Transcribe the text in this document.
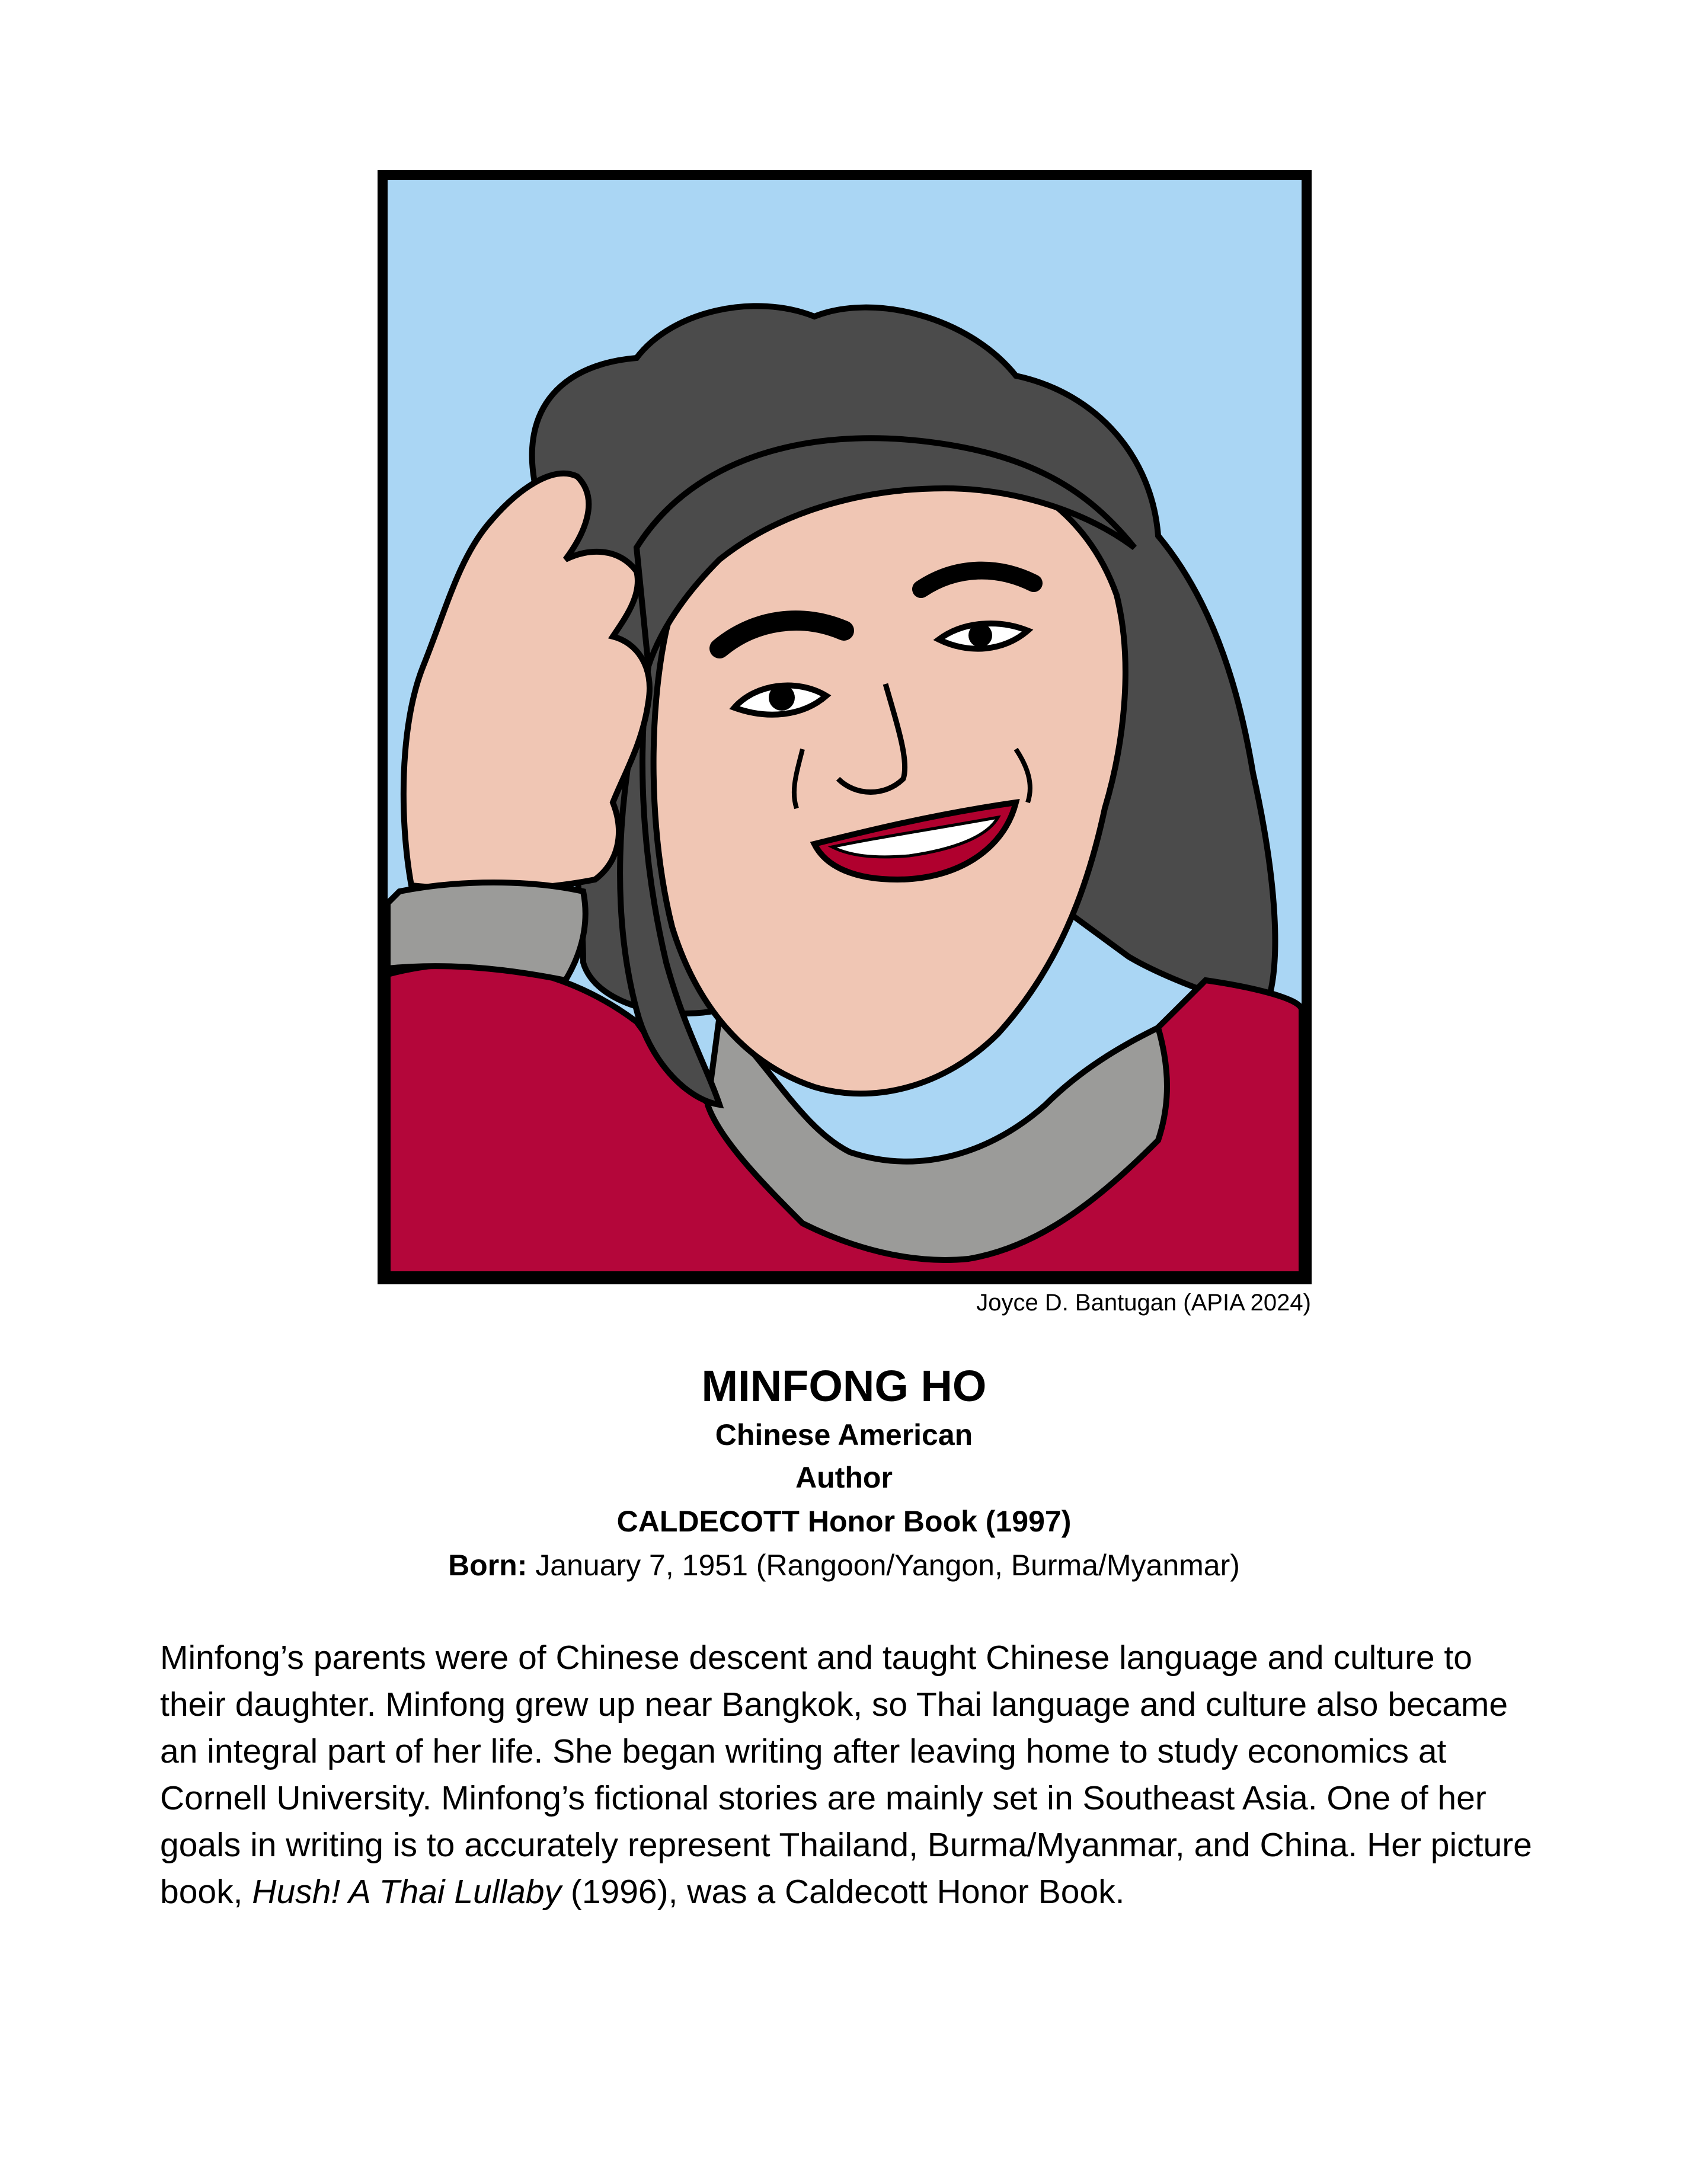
Joyce D. Bantugan (APIA 2024)
MINFONG HO
Chinese American
Author
CALDECOTT Honor Book (1997)
Born: January 7, 1951 (Rangoon/Yangon, Burma/Myanmar)

Minfong’s parents were of Chinese descent and taught Chinese language and culture to their daughter. Minfong grew up near Bangkok, so Thai language and culture also became an integral part of her life. She began writing after leaving home to study economics at Cornell University. Minfong’s fictional stories are mainly set in Southeast Asia. One of her goals in writing is to accurately represent Thailand, Burma/Myanmar, and China. Her picture book, Hush! A Thai Lullaby (1996), was a Caldecott Honor Book.
